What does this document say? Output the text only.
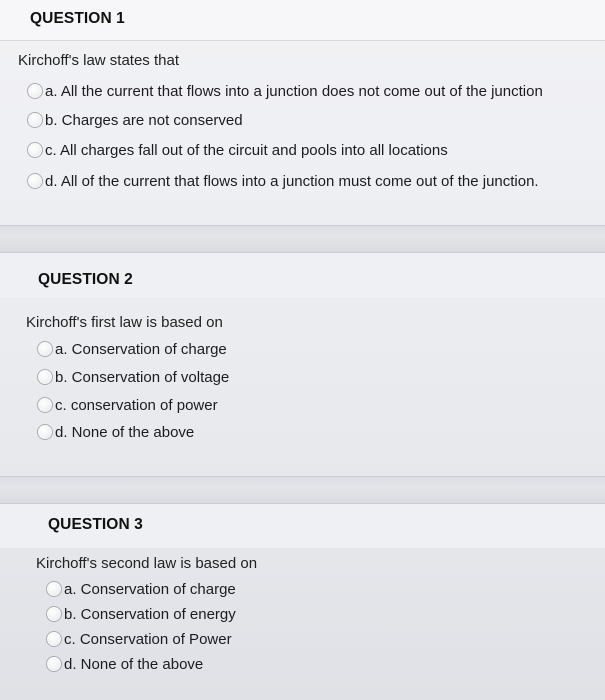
QUESTION 1
Kirchoff's law states that
a. All the current that flows into a junction does not come out of the junction
b. Charges are not conserved
c. All charges fall out of the circuit and pools into all locations
d. All of the current that flows into a junction must come out of the junction.
QUESTION 2
Kirchoff's first law is based on
a. Conservation of charge
b. Conservation of voltage
c. conservation of power
d. None of the above
QUESTION 3
Kirchoff's second law is based on
a. Conservation of charge
b. Conservation of energy
c. Conservation of Power
d. None of the above
